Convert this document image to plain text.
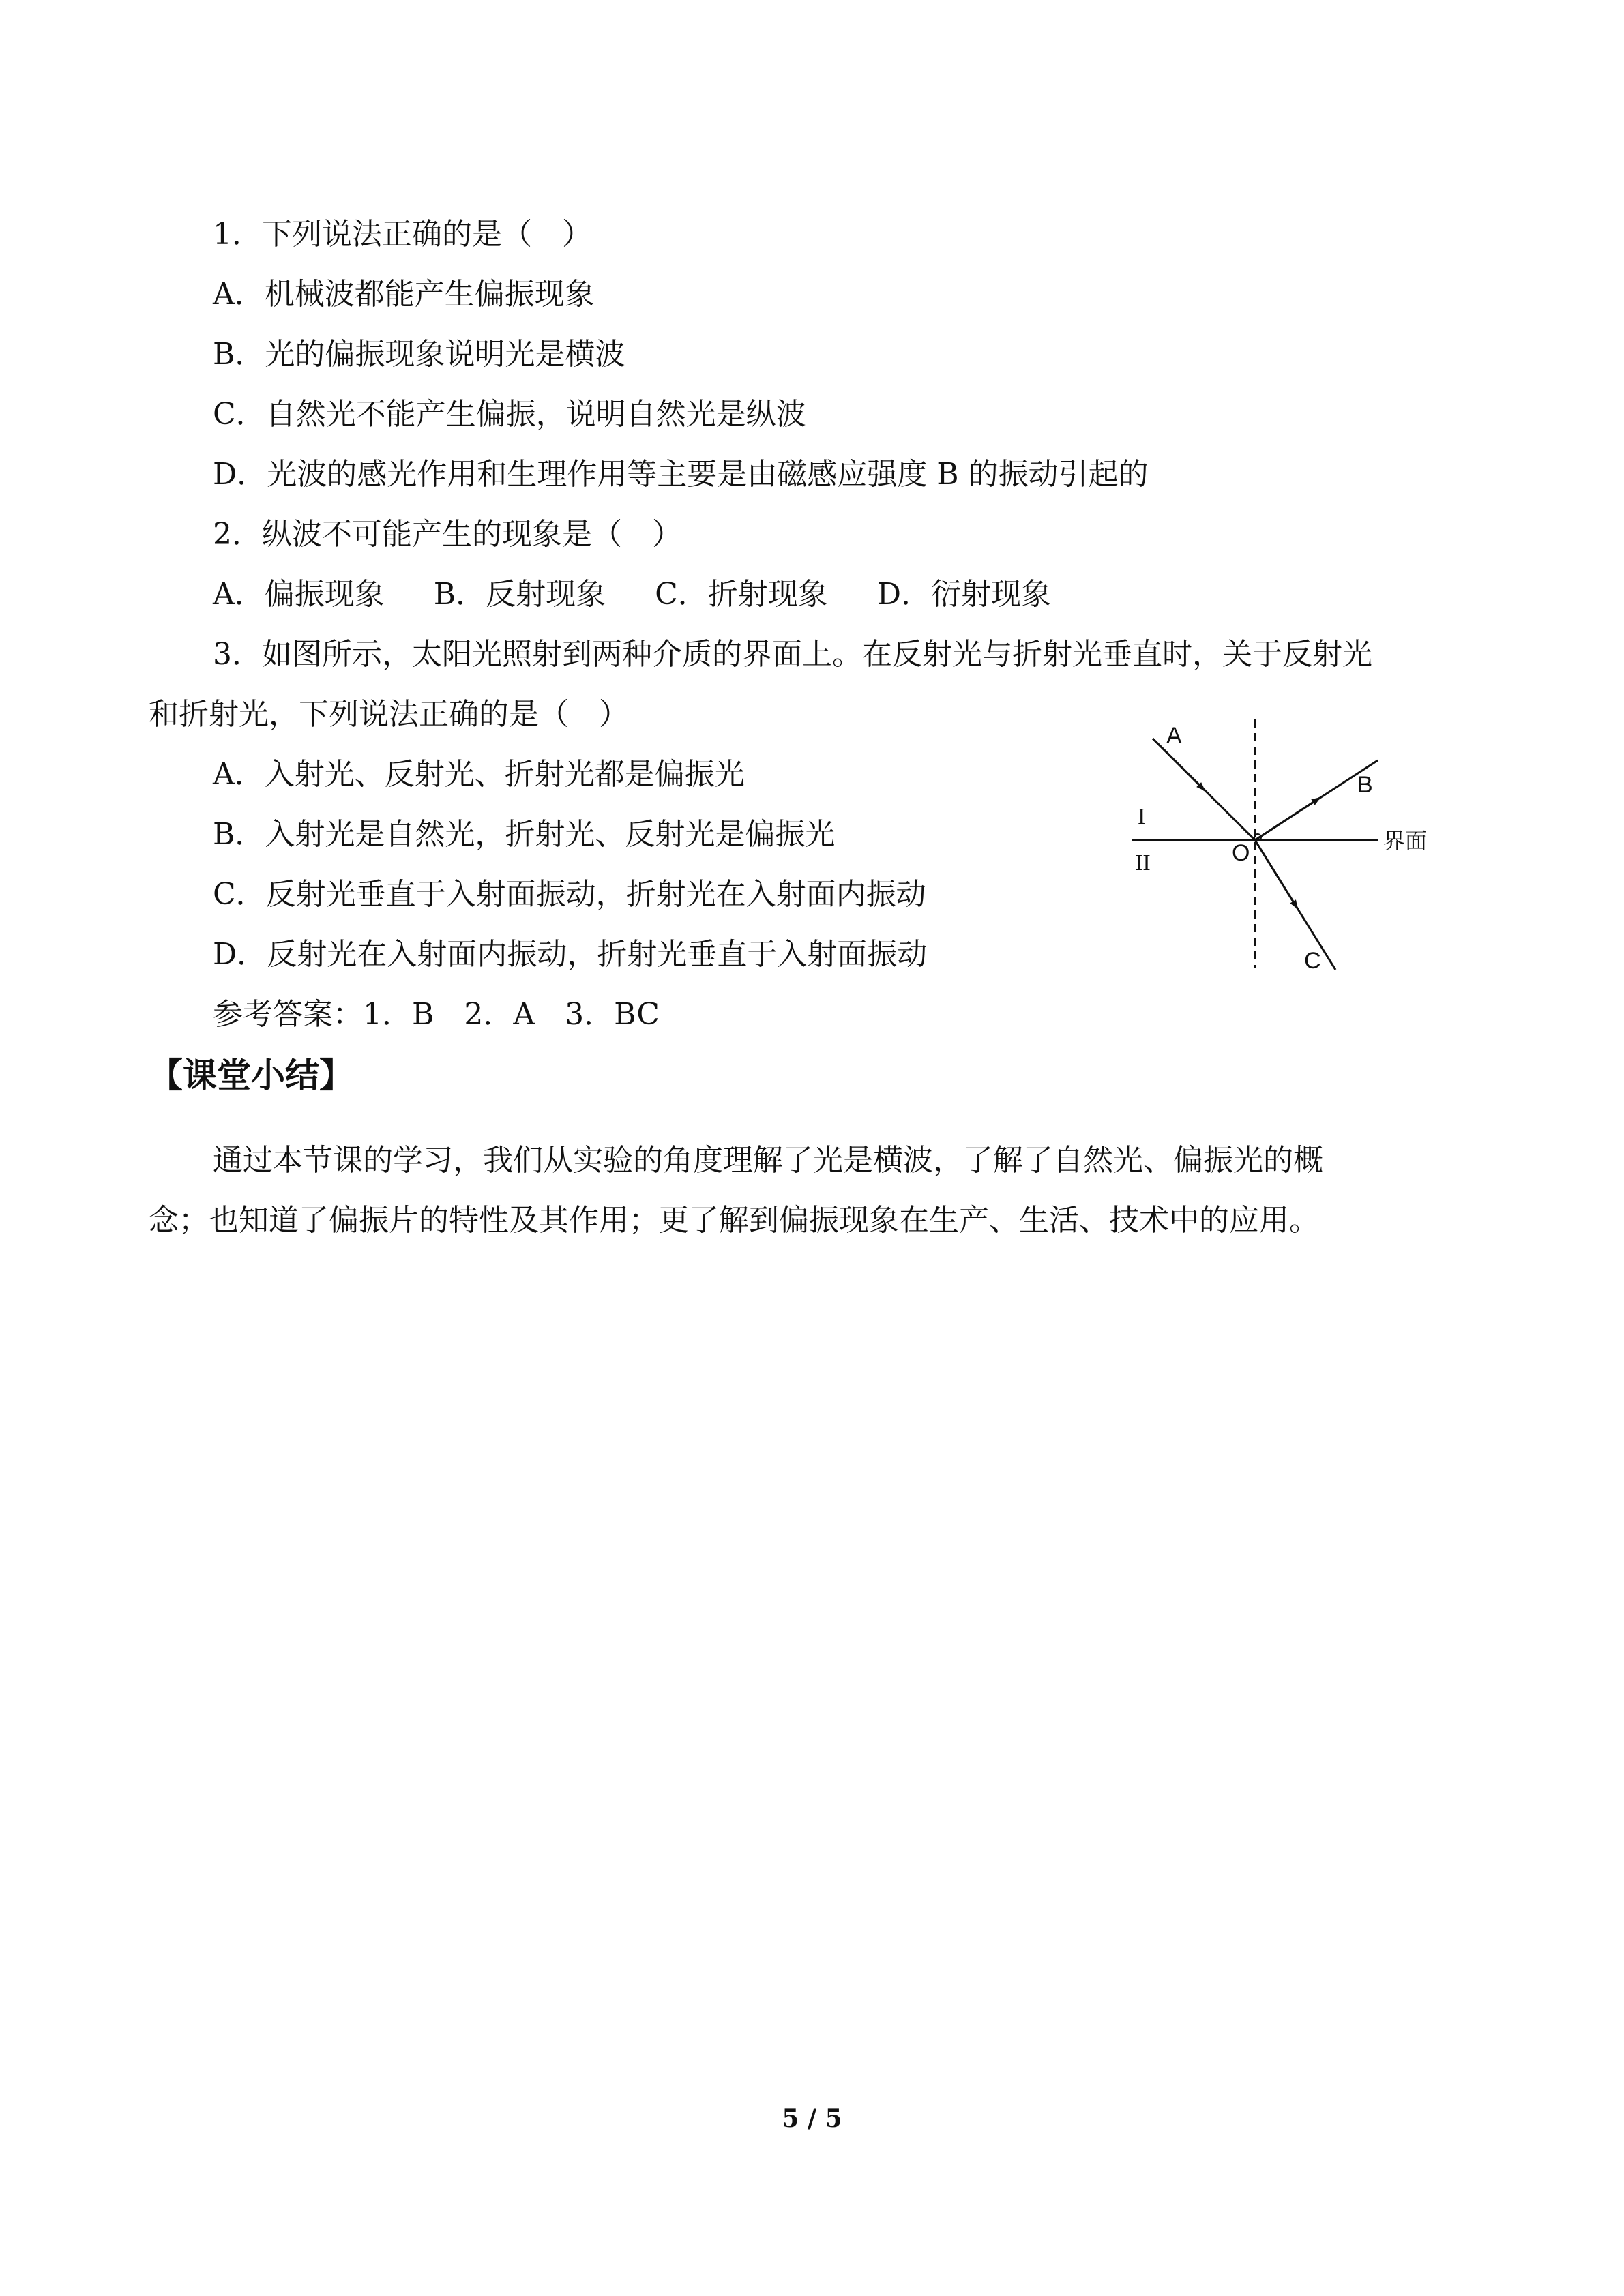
1．下列说法正确的是（　）
A．机械波都能产生偏振现象
B．光的偏振现象说明光是横波
C．自然光不能产生偏振，说明自然光是纵波
D．光波的感光作用和生理作用等主要是由磁感应强度 B 的振动引起的
2．纵波不可能产生的现象是（　）
A．偏振现象 B．反射现象 C．折射现象 D．衍射现象
3．如图所示，太阳光照射到两种介质的界面上。在反射光与折射光垂直时，关于反射光
和折射光，下列说法正确的是（　）
A．入射光、反射光、折射光都是偏振光
B．入射光是自然光，折射光、反射光是偏振光
C．反射光垂直于入射面振动，折射光在入射面内振动
D．反射光在入射面内振动，折射光垂直于入射面振动
A
B
C
O
I
II
界面
参考答案：1．B　2．A　3．BC
【课堂小结】
通过本节课的学习，我们从实验的角度理解了光是横波，了解了自然光、偏振光的概
念；也知道了偏振片的特性及其作用；更了解到偏振现象在生产、生活、技术中的应用。
5 / 5
